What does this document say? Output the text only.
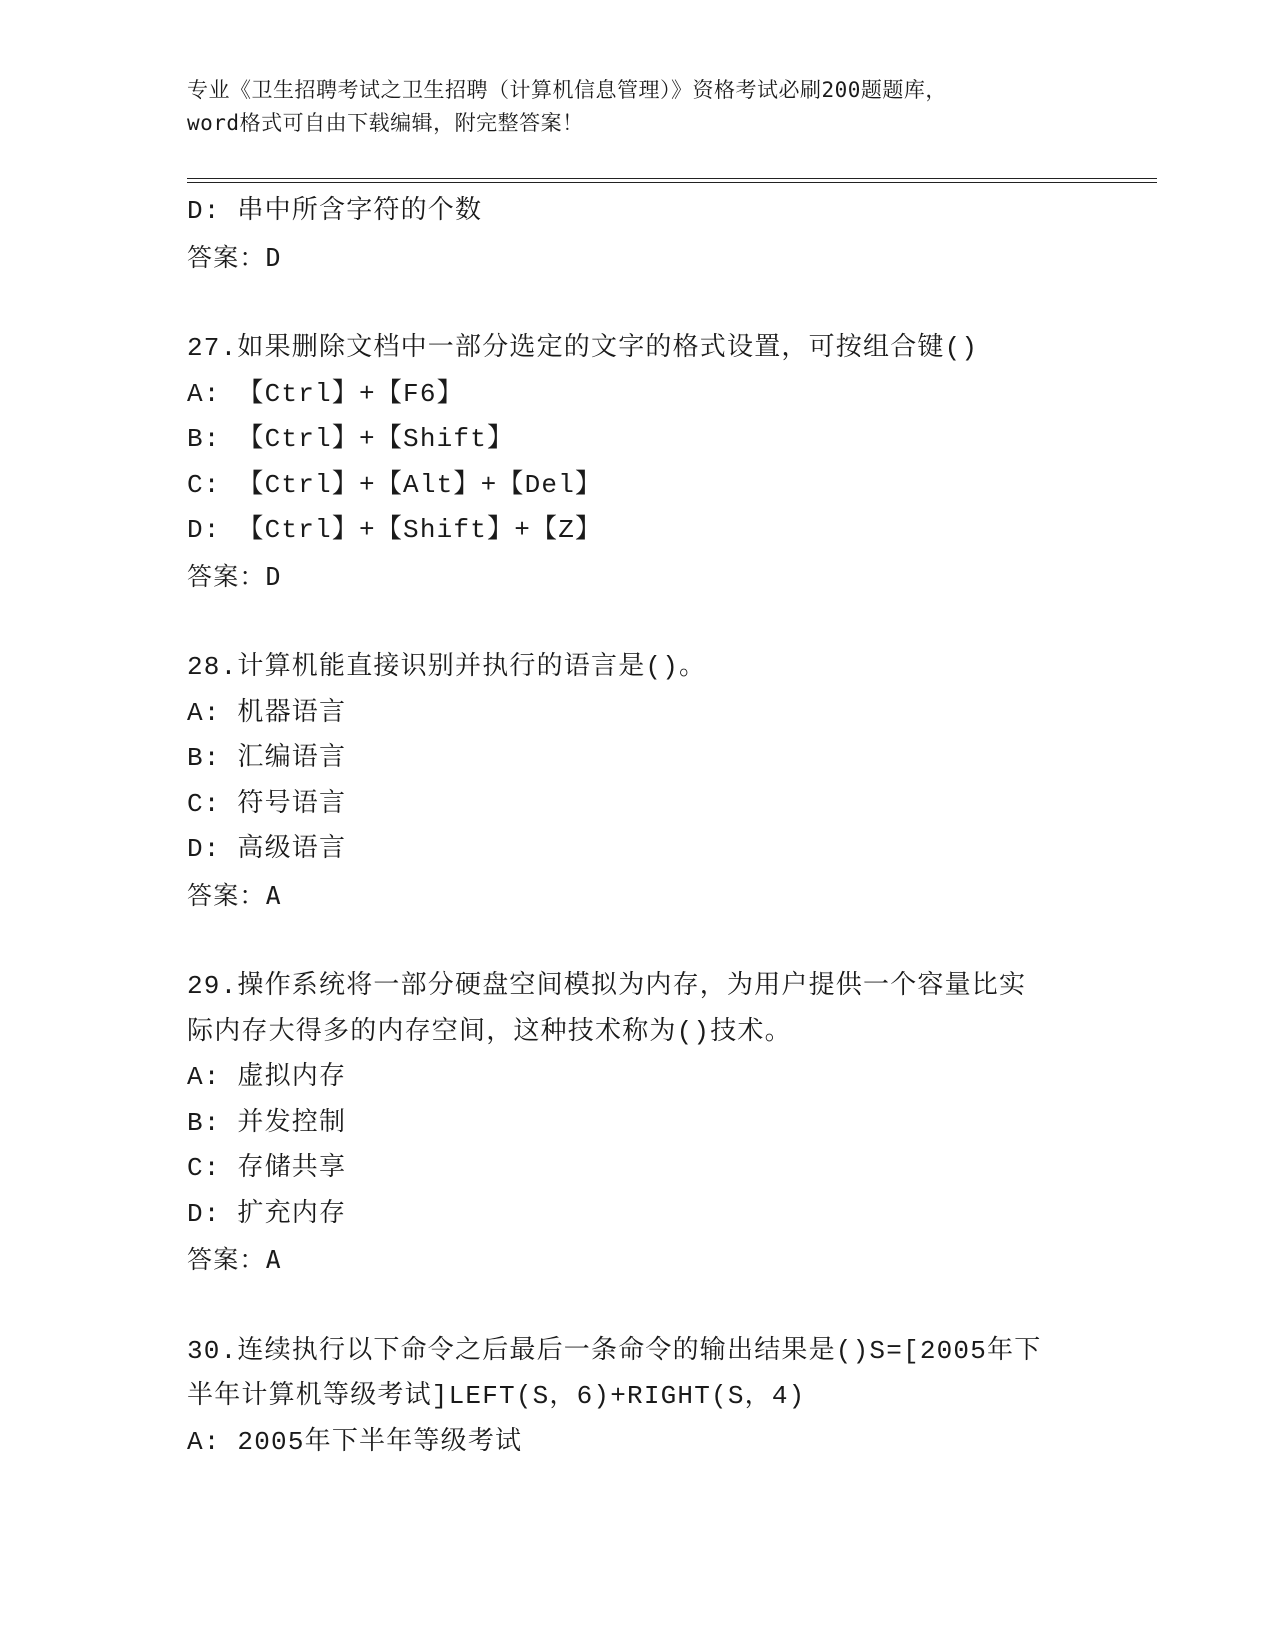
专业《卫生招聘考试之卫生招聘（计算机信息管理）》资格考试必刷200题题库，
word格式可自由下载编辑，附完整答案！
D: 串中所含字符的个数
答案：D
27.如果删除文档中一部分选定的文字的格式设置，可按组合键()
A: 【Ctrl】+【F6】
B: 【Ctrl】+【Shift】
C: 【Ctrl】+【Alt】+【Del】
D: 【Ctrl】+【Shift】+【Z】
答案：D
28.计算机能直接识别并执行的语言是()。
A: 机器语言
B: 汇编语言
C: 符号语言
D: 高级语言
答案：A
29.操作系统将一部分硬盘空间模拟为内存，为用户提供一个容量比实
际内存大得多的内存空间，这种技术称为()技术。
A: 虚拟内存
B: 并发控制
C: 存储共享
D: 扩充内存
答案：A
30.连续执行以下命令之后最后一条命令的输出结果是()S=[2005年下
半年计算机等级考试]LEFT(S，6)+RIGHT(S，4)
A: 2005年下半年等级考试
